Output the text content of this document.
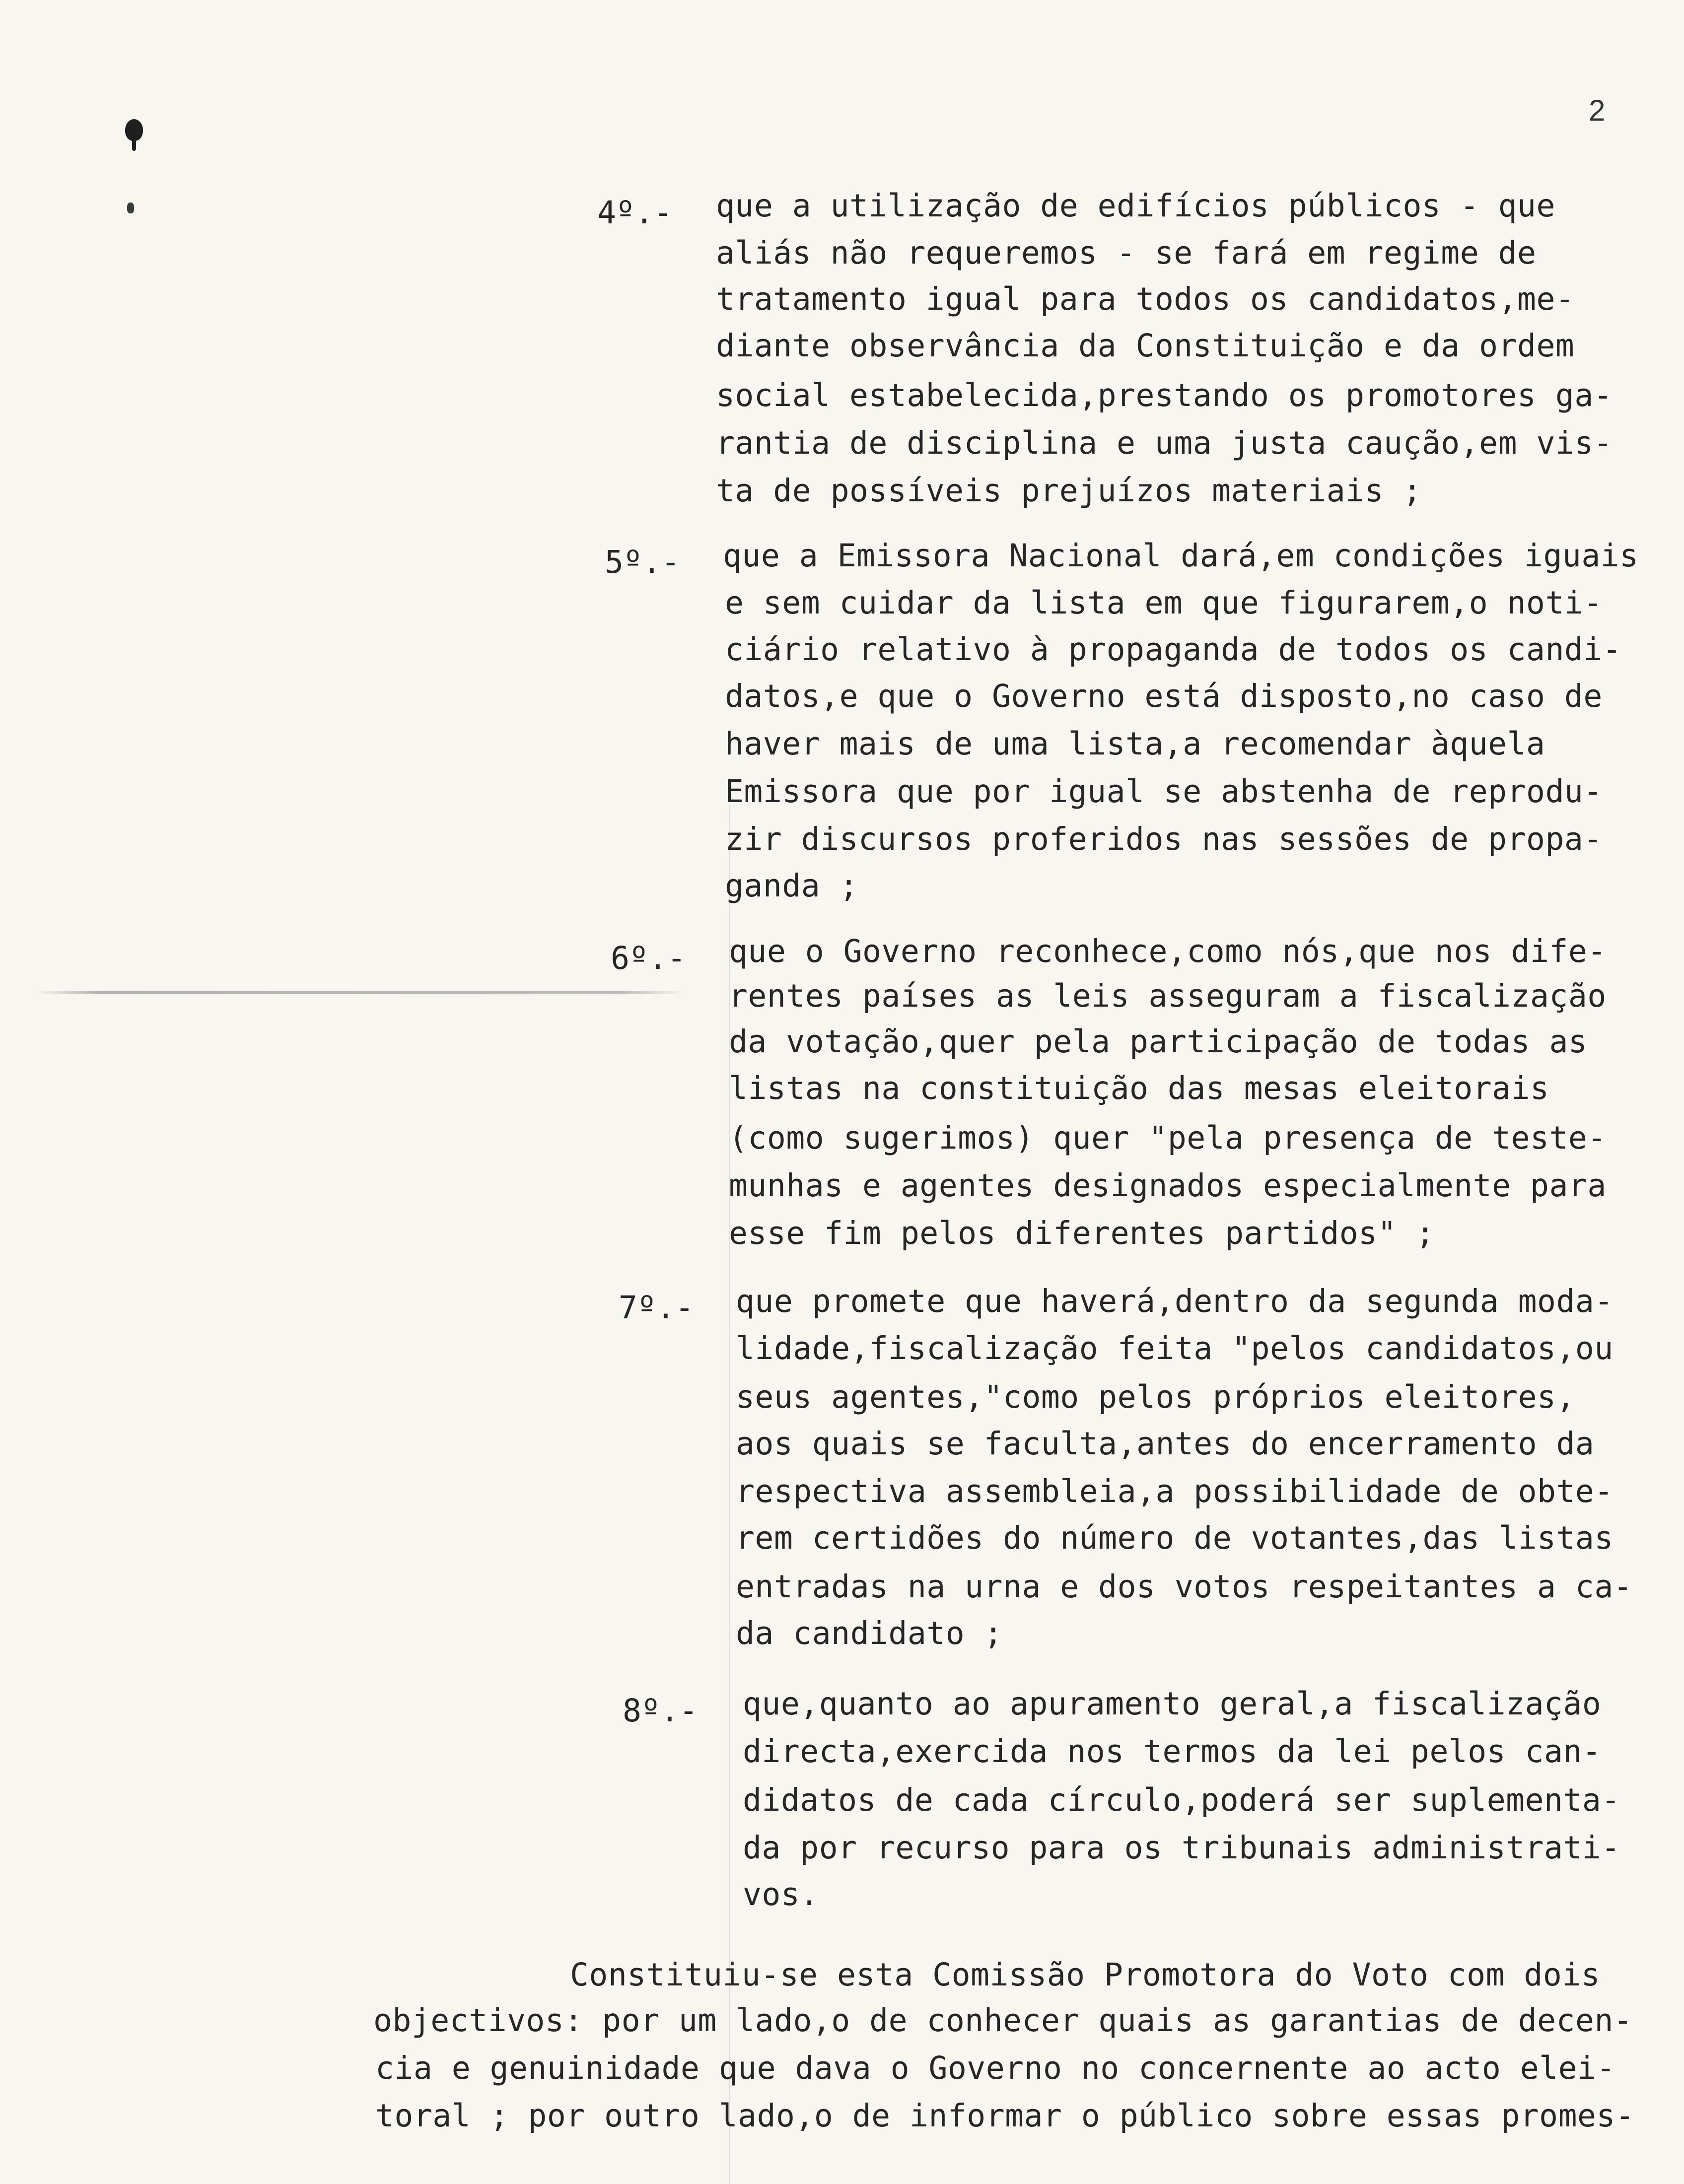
2
4º.- que a utilização de edifícios públicos - que
aliás não requeremos - se fará em regime de
tratamento igual para todos os candidatos,me-
diante observância da Constituição e da ordem
social estabelecida,prestando os promotores ga-
rantia de disciplina e uma justa caução,em vis-
ta de possíveis prejuízos materiais ;
5º.- que a Emissora Nacional dará,em condições iguais
e sem cuidar da lista em que figurarem,o noti-
ciário relativo à propaganda de todos os candi-
datos,e que o Governo está disposto,no caso de
haver mais de uma lista,a recomendar àquela
Emissora que por igual se abstenha de reprodu-
zir discursos proferidos nas sessões de propa-
ganda ;
6º.- que o Governo reconhece,como nós,que nos dife-
rentes países as leis asseguram a fiscalização
da votação,quer pela participação de todas as
listas na constituição das mesas eleitorais
(como sugerimos) quer "pela presença de teste-
munhas e agentes designados especialmente para
esse fim pelos diferentes partidos" ;
7º.- que promete que haverá,dentro da segunda moda-
lidade,fiscalização feita "pelos candidatos,ou
seus agentes,"como pelos próprios eleitores,
aos quais se faculta,antes do encerramento da
respectiva assembleia,a possibilidade de obte-
rem certidões do número de votantes,das listas
entradas na urna e dos votos respeitantes a ca-
da candidato ;
8º.- que,quanto ao apuramento geral,a fiscalização
directa,exercida nos termos da lei pelos can-
didatos de cada círculo,poderá ser suplementa-
da por recurso para os tribunais administrati-
vos.
Constituiu-se esta Comissão Promotora do Voto com dois
objectivos: por um lado,o de conhecer quais as garantias de decen-
cia e genuinidade que dava o Governo no concernente ao acto elei-
toral ; por outro lado,o de informar o público sobre essas promes-
